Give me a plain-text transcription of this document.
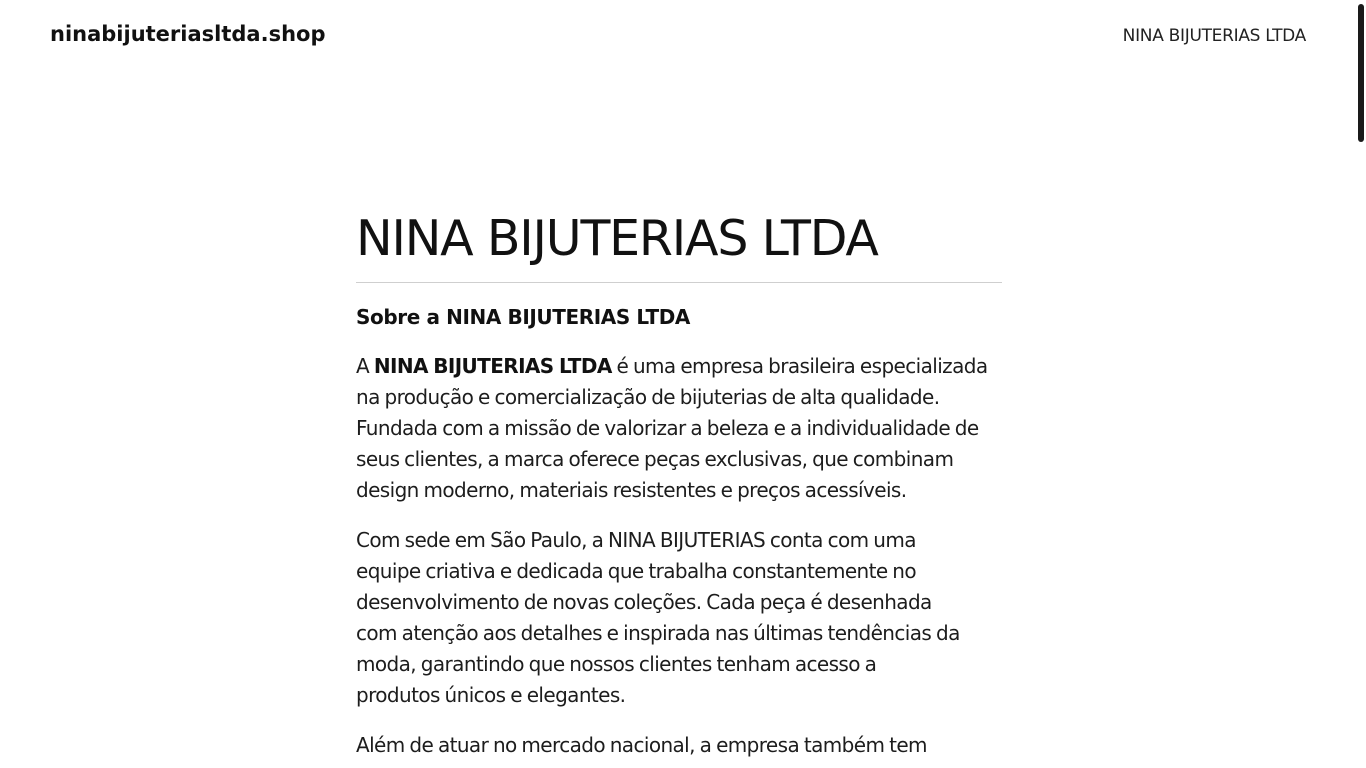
ninabijuteriasltda.shop	NINA BIJUTERIAS LTDA
NINA BIJUTERIAS LTDA
Sobre a NINA BIJUTERIAS LTDA

A NINA BIJUTERIAS LTDA é uma empresa brasileira especializada
na produção e comercialização de bijuterias de alta qualidade.
Fundada com a missão de valorizar a beleza e a individualidade de
seus clientes, a marca oferece peças exclusivas, que combinam
design moderno, materiais resistentes e preços acessíveis.

Com sede em São Paulo, a NINA BIJUTERIAS conta com uma
equipe criativa e dedicada que trabalha constantemente no
desenvolvimento de novas coleções. Cada peça é desenhada
com atenção aos detalhes e inspirada nas últimas tendências da
moda, garantindo que nossos clientes tenham acesso a
produtos únicos e elegantes.

Além de atuar no mercado nacional, a empresa também tem
